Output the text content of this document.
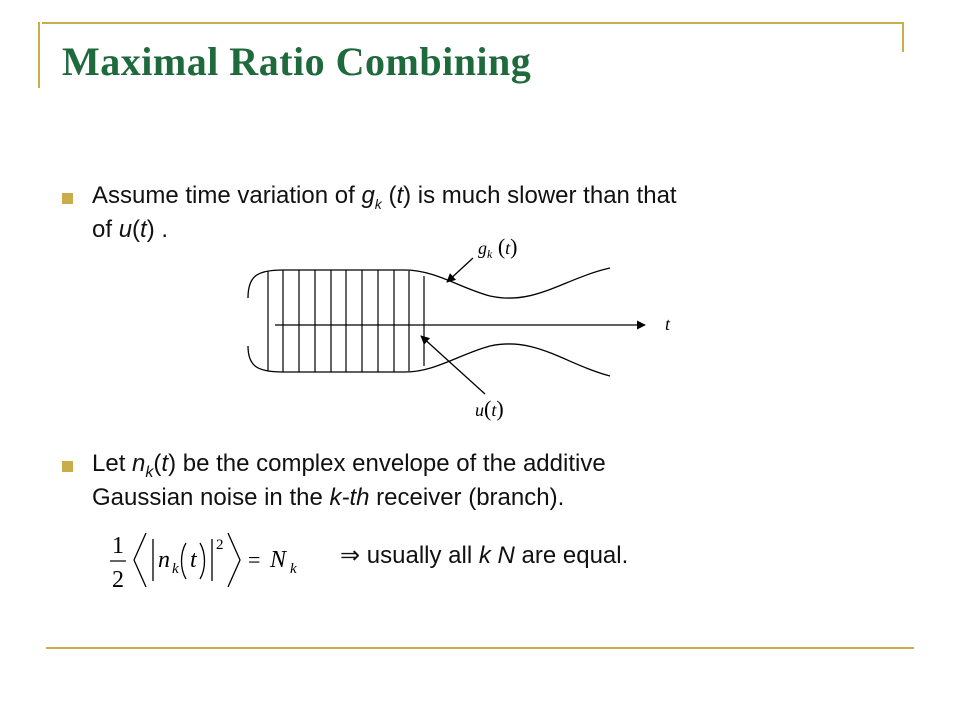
Maximal Ratio Combining
Assume time variation of $g_k$ (t) is much slower than that
of u(t) .
$g_k$ (t)
u(t)
t
Let $n_k(t)$ be the complex envelope of the additive
Gaussian noise in the k-th receiver (branch).
1
2
n k t
2
= N k ⇒ usually all k N are equal.
